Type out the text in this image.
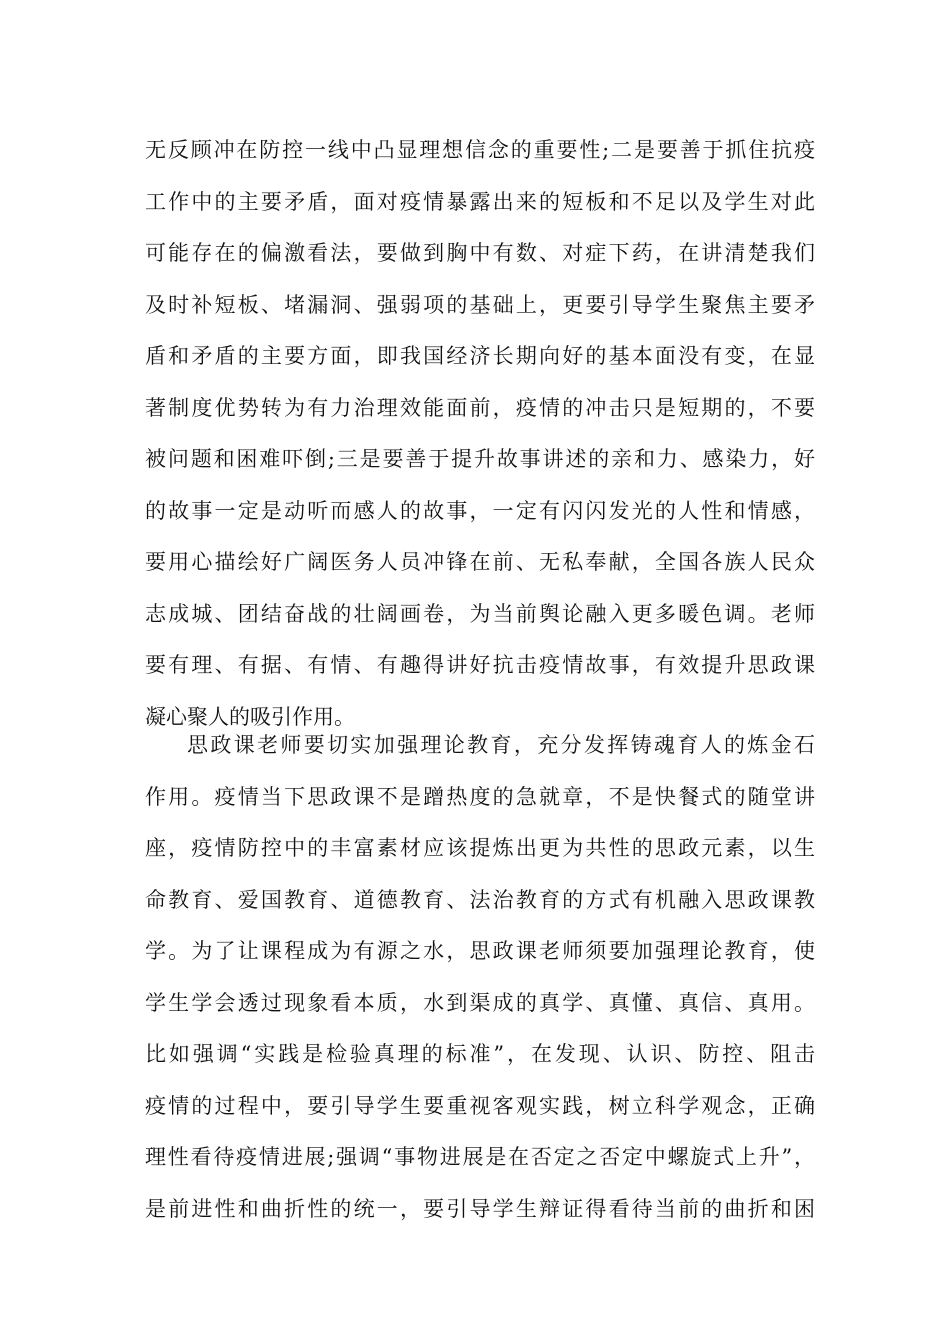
无反顾冲在防控一线中凸显理想信念的重要性;二是要善于抓住抗疫
工作中的主要矛盾，面对疫情暴露出来的短板和不足以及学生对此
可能存在的偏激看法，要做到胸中有数、对症下药，在讲清楚我们
及时补短板、堵漏洞、强弱项的基础上，更要引导学生聚焦主要矛
盾和矛盾的主要方面，即我国经济长期向好的基本面没有变，在显
著制度优势转为有力治理效能面前，疫情的冲击只是短期的，不要
被问题和困难吓倒;三是要善于提升故事讲述的亲和力、感染力，好
的故事一定是动听而感人的故事，一定有闪闪发光的人性和情感，
要用心描绘好广阔医务人员冲锋在前、无私奉献，全国各族人民众
志成城、团结奋战的壮阔画卷，为当前舆论融入更多暖色调。老师
要有理、有据、有情、有趣得讲好抗击疫情故事，有效提升思政课
凝心聚人的吸引作用。
思政课老师要切实加强理论教育，充分发挥铸魂育人的炼金石
作用。疫情当下思政课不是蹭热度的急就章，不是快餐式的随堂讲
座，疫情防控中的丰富素材应该提炼出更为共性的思政元素，以生
命教育、爱国教育、道德教育、法治教育的方式有机融入思政课教
学。为了让课程成为有源之水，思政课老师须要加强理论教育，使
学生学会透过现象看本质，水到渠成的真学、真懂、真信、真用。
比如强调“实践是检验真理的标准”，在发现、认识、防控、阻击
疫情的过程中，要引导学生要重视客观实践，树立科学观念，正确
理性看待疫情进展;强调“事物进展是在否定之否定中螺旋式上升”，
是前进性和曲折性的统一，要引导学生辩证得看待当前的曲折和困
